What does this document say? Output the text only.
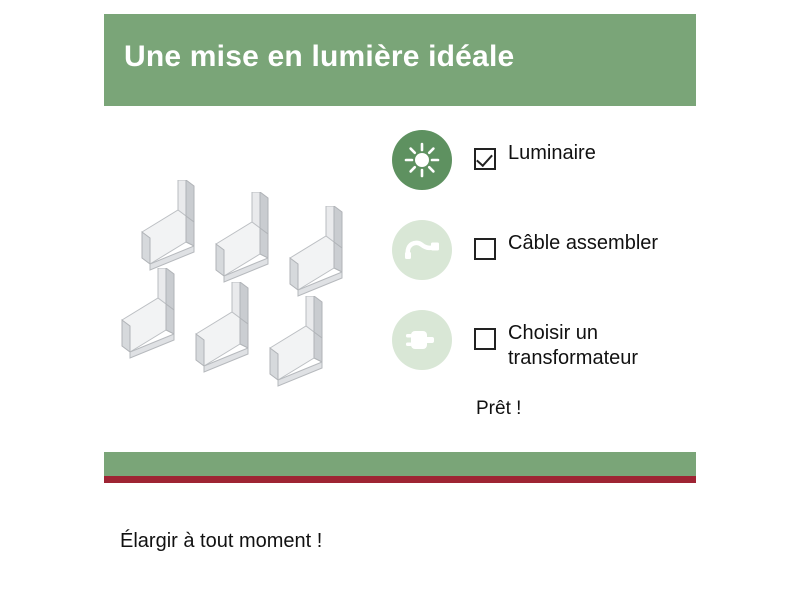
Une mise en lumière idéale
Luminaire
Câble assembler
Choisir un transformateur
Prêt !
Élargir à tout moment !
